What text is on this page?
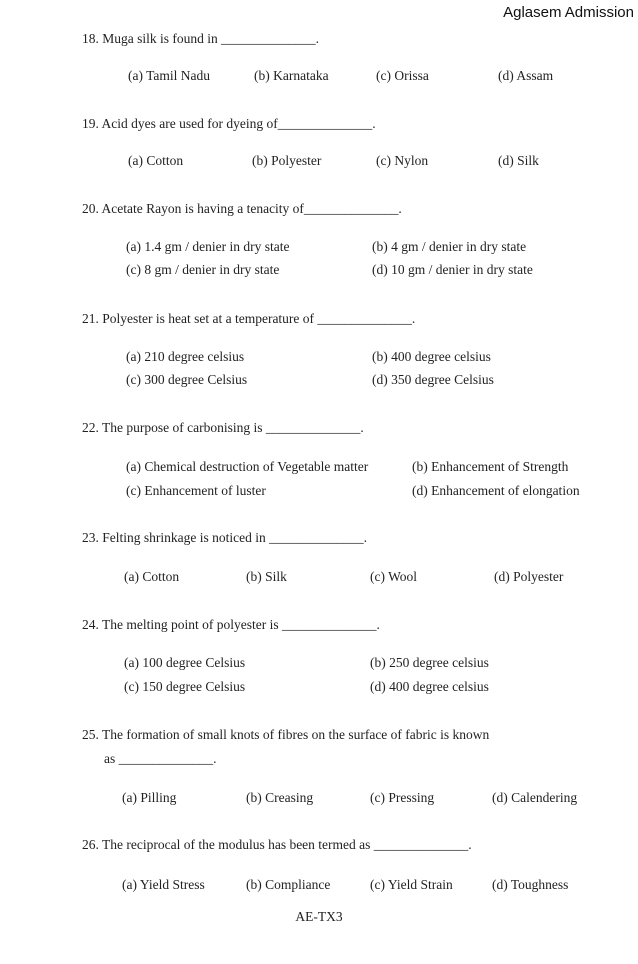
Aglasem Admission
18. Muga silk is found in ______________.
(a) Tamil Nadu	(b) Karnataka	(c) Orissa	(d) Assam
19. Acid dyes are used for dyeing of______________.
(a) Cotton	(b) Polyester	(c) Nylon	(d) Silk
20. Acetate Rayon is having a tenacity of______________.
(a) 1.4 gm / denier in dry state	(b) 4 gm / denier in dry state
(c) 8 gm / denier in dry state	(d) 10 gm / denier in dry state
21. Polyester is heat set at a temperature of ______________.
(a) 210 degree celsius	(b) 400 degree celsius
(c) 300 degree Celsius	(d) 350 degree Celsius
22. The purpose of carbonising is ______________.
(a) Chemical destruction of Vegetable matter	(b) Enhancement of Strength
(c) Enhancement of luster	(d) Enhancement of elongation
23. Felting shrinkage is noticed in ______________.
(a) Cotton	(b) Silk	(c) Wool	(d) Polyester
24. The melting point of polyester is ______________.
(a) 100 degree Celsius	(b) 250 degree celsius
(c) 150 degree Celsius	(d) 400 degree celsius
25. The formation of small knots of fibres on the surface of fabric is known
as ______________.
(a) Pilling	(b) Creasing	(c) Pressing	(d) Calendering
26. The reciprocal of the modulus has been termed as ______________.
(a) Yield Stress	(b) Compliance	(c) Yield Strain	(d) Toughness
AE-TX3
